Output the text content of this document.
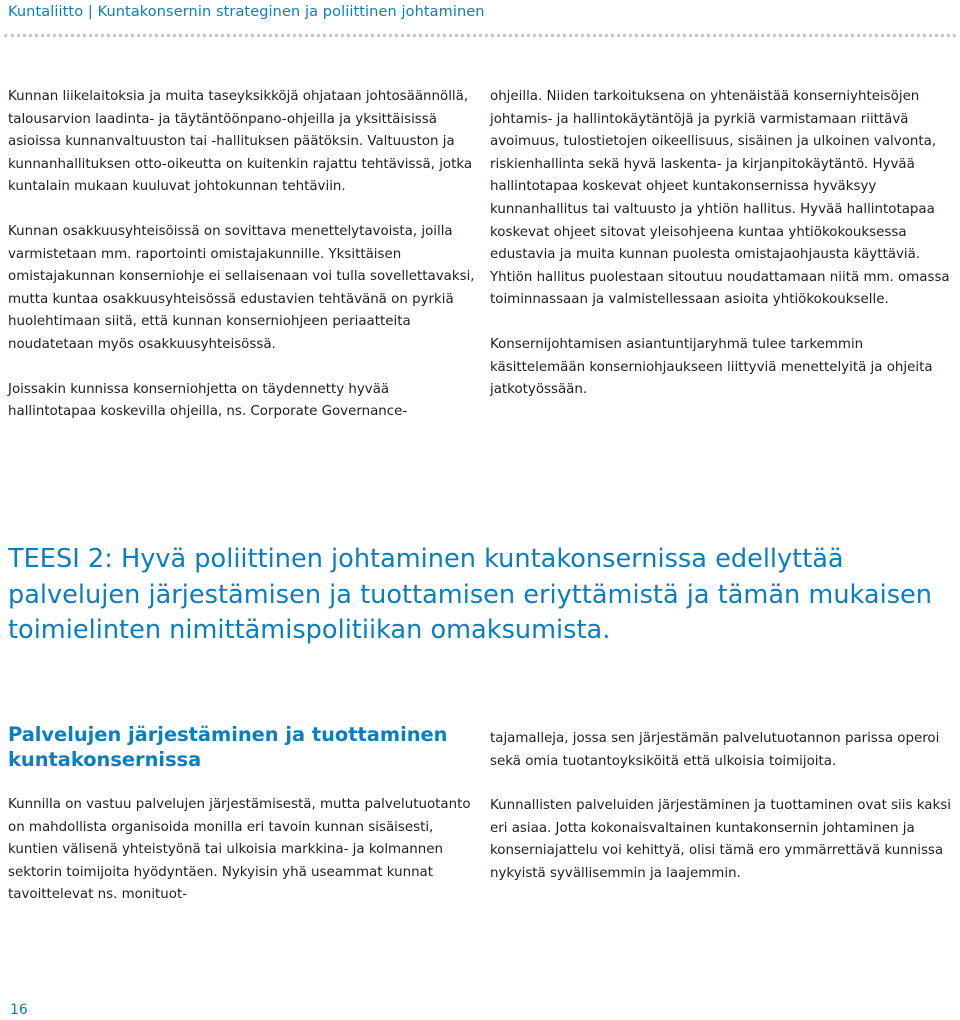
Kuntaliitto | Kuntakonsernin strateginen ja poliittinen johtaminen

Kunnan liikelaitoksia ja muita taseyksikköjä ohjataan johtosäännöllä, talousarvion laadinta- ja täytäntöönpano-ohjeilla ja yksittäisissä asioissa kunnanvaltuuston tai -hallituksen päätöksin. Valtuuston ja kunnanhallituksen otto-oikeutta on kuitenkin rajattu tehtävissä, jotka kuntalain mukaan kuuluvat johtokunnan tehtäviin.

Kunnan osakkuusyhteisöissä on sovittava menettelytavoista, joilla varmistetaan mm. raportointi omistajakunnille. Yksittäisen omistajakunnan konserniohje ei sellaisenaan voi tulla sovellettavaksi, mutta kuntaa osakkuusyhteisössä edustavien tehtävänä on pyrkiä huolehtimaan siitä, että kunnan konserniohjeen periaatteita noudatetaan myös osakkuusyhteisössä.

Joissakin kunnissa konserniohjetta on täydennetty hyvää hallintotapaa koskevilla ohjeilla, ns. Corporate Governance-

ohjeilla. Niiden tarkoituksena on yhtenäistää konserniyhteisöjen johtamis- ja hallintokäytäntöjä ja pyrkiä varmistamaan riittävä avoimuus, tulostietojen oikeellisuus, sisäinen ja ulkoinen valvonta, riskienhallinta sekä hyvä laskenta- ja kirjanpitokäytäntö. Hyvää hallintotapaa koskevat ohjeet kuntakonsernissa hyväksyy kunnanhallitus tai valtuusto ja yhtiön hallitus. Hyvää hallintotapaa koskevat ohjeet sitovat yleisohjeena kuntaa yhtiökokouksessa edustavia ja muita kunnan puolesta omistajaohjausta käyttäviä. Yhtiön hallitus puolestaan sitoutuu noudattamaan niitä mm. omassa toiminnassaan ja valmistellessaan asioita yhtiökokoukselle.

Konsernijohtamisen asiantuntijaryhmä tulee tarkemmin käsittelemään konserniohjaukseen liittyviä menettelyitä ja ohjeita jatkotyössään.

TEESI 2: Hyvä poliittinen johtaminen kuntakonsernissa edellyttää palvelujen järjestämisen ja tuottamisen eriyttämistä ja tämän mukaisen toimielinten nimittämispolitiikan omaksumista.
Palvelujen järjestäminen ja tuottaminen kuntakonsernissa

Kunnilla on vastuu palvelujen järjestämisestä, mutta palvelutuotanto on mahdollista organisoida monilla eri tavoin kunnan sisäisesti, kuntien välisenä yhteistyönä tai ulkoisia markkina- ja kolmannen sektorin toimijoita hyödyntäen. Nykyisin yhä useammat kunnat tavoittelevat ns. monituot-

tajamalleja, jossa sen järjestämän palvelutuotannon parissa operoi sekä omia tuotantoyksiköitä että ulkoisia toimijoita.

Kunnallisten palveluiden järjestäminen ja tuottaminen ovat siis kaksi eri asiaa. Jotta kokonaisvaltainen kuntakonsernin johtaminen ja konserniajattelu voi kehittyä, olisi tämä ero ymmärrettävä kunnissa nykyistä syvällisemmin ja laajemmin.

16
